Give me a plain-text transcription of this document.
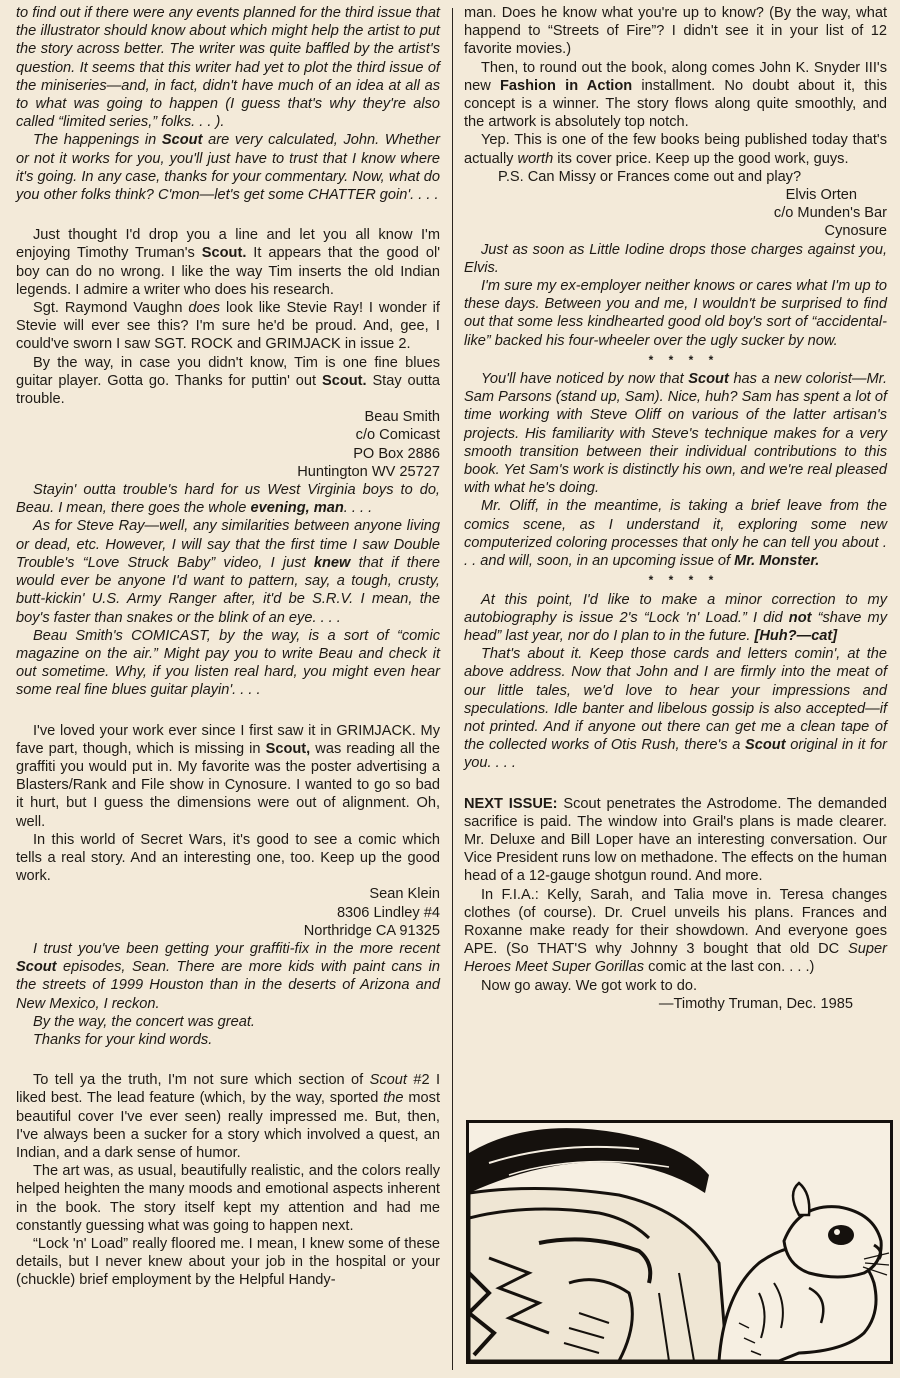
to find out if there were any events planned for the third issue that the illustrator should know about which might help the artist to put the story across better. The writer was quite baffled by the artist's question. It seems that this writer had yet to plot the third issue of the miniseries—and, in fact, didn't have much of an idea at all as to what was going to happen (I guess that's why they're also called “limited series,” folks. . . ).

The happenings in Scout are very calculated, John. Whether or not it works for you, you'll just have to trust that I know where it's going. In any case, thanks for your commentary. Now, what do you other folks think? C'mon—let's get some CHATTER goin'. . . .

Just thought I'd drop you a line and let you all know I'm enjoying Timothy Truman's Scout. It appears that the good ol' boy can do no wrong. I like the way Tim inserts the old Indian legends. I admire a writer who does his research.

Sgt. Raymond Vaughn does look like Stevie Ray! I wonder if Stevie will ever see this? I'm sure he'd be proud. And, gee, I could've sworn I saw SGT. ROCK and GRIMJACK in issue 2.

By the way, in case you didn't know, Tim is one fine blues guitar player. Gotta go. Thanks for puttin' out Scout. Stay outta trouble.

Beau Smith

c/o Comicast

PO Box 2886

Huntington WV 25727

Stayin' outta trouble's hard for us West Virginia boys to do, Beau. I mean, there goes the whole evening, man. . . .

As for Steve Ray—well, any similarities between anyone living or dead, etc. However, I will say that the first time I saw Double Trouble's “Love Struck Baby” video, I just knew that if there would ever be anyone I'd want to pattern, say, a tough, crusty, butt-kickin' U.S. Army Ranger after, it'd be S.R.V. I mean, the boy's faster than snakes or the blink of an eye. . . .

Beau Smith's COMICAST, by the way, is a sort of “comic magazine on the air.” Might pay you to write Beau and check it out sometime. Why, if you listen real hard, you might even hear some real fine blues guitar playin'. . . .

I've loved your work ever since I first saw it in GRIMJACK. My fave part, though, which is missing in Scout, was reading all the graffiti you would put in. My favorite was the poster advertising a Blasters/Rank and File show in Cynosure. I wanted to go so bad it hurt, but I guess the dimensions were out of alignment. Oh, well.

In this world of Secret Wars, it's good to see a comic which tells a real story. And an interesting one, too. Keep up the good work.

Sean Klein

8306 Lindley #4

Northridge CA 91325

I trust you've been getting your graffiti-fix in the more recent Scout episodes, Sean. There are more kids with paint cans in the streets of 1999 Houston than in the deserts of Arizona and New Mexico, I reckon.

By the way, the concert was great.

Thanks for your kind words.

To tell ya the truth, I'm not sure which section of Scout #2 I liked best. The lead feature (which, by the way, sported the most beautiful cover I've ever seen) really impressed me. But, then, I've always been a sucker for a story which involved a quest, an Indian, and a dark sense of humor.

The art was, as usual, beautifully realistic, and the colors really helped heighten the many moods and emotional aspects inherent in the book. The story itself kept my attention and had me constantly guessing what was going to happen next.

“Lock 'n' Load” really floored me. I mean, I knew some of these details, but I never knew about your job in the hospital or your (chuckle) brief employment by the Helpful Handy-

man. Does he know what you're up to know? (By the way, what happend to “Streets of Fire”? I didn't see it in your list of 12 favorite movies.)

Then, to round out the book, along comes John K. Snyder III's new Fashion in Action installment. No doubt about it, this concept is a winner. The story flows along quite smoothly, and the artwork is absolutely top notch.

Yep. This is one of the few books being published today that's actually worth its cover price. Keep up the good work, guys.

P.S. Can Missy or Frances come out and play?

Elvis Orten

c/o Munden's Bar

Cynosure

Just as soon as Little Iodine drops those charges against you, Elvis.

I'm sure my ex-employer neither knows or cares what I'm up to these days. Between you and me, I wouldn't be surprised to find out that some less kindhearted good old boy's sort of “accidental-like” backed his four-wheeler over the ugly sucker by now.

* * * *

You'll have noticed by now that Scout has a new colorist—Mr. Sam Parsons (stand up, Sam). Nice, huh? Sam has spent a lot of time working with Steve Oliff on various of the latter artisan's projects. His familiarity with Steve's technique makes for a very smooth transition between their individual contributions to this book. Yet Sam's work is distinctly his own, and we're real pleased with what he's doing.

Mr. Oliff, in the meantime, is taking a brief leave from the comics scene, as I understand it, exploring some new computerized coloring processes that only he can tell you about . . . and will, soon, in an upcoming issue of Mr. Monster.

* * * *

At this point, I'd like to make a minor correction to my autobiography is issue 2's “Lock 'n' Load.” I did not “shave my head” last year, nor do I plan to in the future. [Huh?—cat]

That's about it. Keep those cards and letters comin', at the above address. Now that John and I are firmly into the meat of our little tales, we'd love to hear your impressions and speculations. Idle banter and libelous gossip is also accepted—if not printed. And if anyone out there can get me a clean tape of the collected works of Otis Rush, there's a Scout original in it for you. . . .

NEXT ISSUE: Scout penetrates the Astrodome. The demanded sacrifice is paid. The window into Grail's plans is made clearer. Mr. Deluxe and Bill Loper have an interesting conversation. Our Vice President runs low on methadone. The effects on the human head of a 12-gauge shotgun round. And more.

In F.I.A.: Kelly, Sarah, and Talia move in. Teresa changes clothes (of course). Dr. Cruel unveils his plans. Frances and Roxanne make ready for their showdown. And everyone goes APE. (So THAT'S why Johnny 3 bought that old DC Super Heroes Meet Super Gorillas comic at the last con. . . .)

Now go away. We got work to do.

—Timothy Truman, Dec. 1985
